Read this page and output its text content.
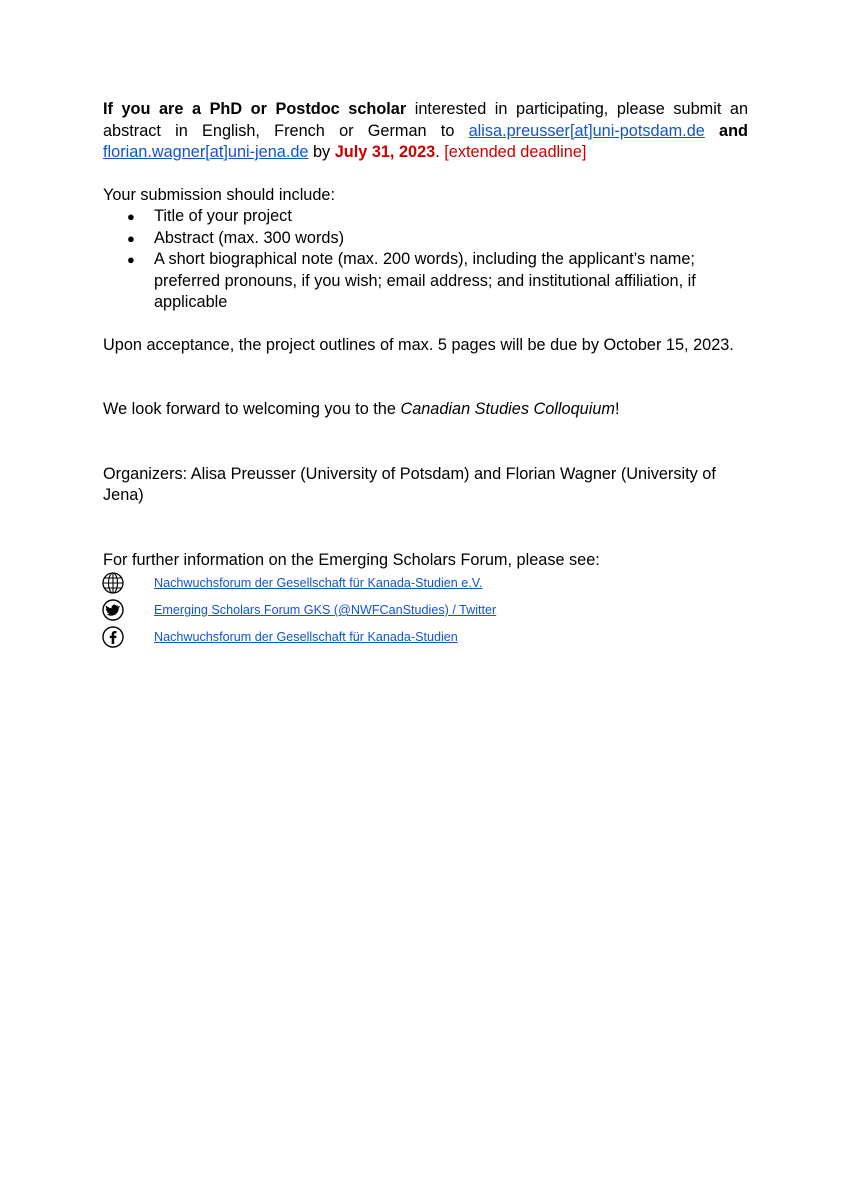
If you are a PhD or Postdoc scholar interested in participating, please submit an abstract in English, French or German to alisa.preusser[at]uni-potsdam.de and florian.wagner[at]uni-jena.de by July 31, 2023. [extended deadline]

Your submission should include:
● Title of your project
● Abstract (max. 300 words)
● A short biographical note (max. 200 words), including the applicant’s name; preferred pronouns, if you wish; email address; and institutional affiliation, if applicable
Upon acceptance, the project outlines of max. 5 pages will be due by October 15, 2023.
We look forward to welcoming you to the Canadian Studies Colloquium!
Organizers: Alisa Preusser (University of Potsdam) and Florian Wagner (University of Jena)
For further information on the Emerging Scholars Forum, please see:
Nachwuchsforum der Gesellschaft für Kanada-Studien e.V.
Emerging Scholars Forum GKS (@NWFCanStudies) / Twitter
Nachwuchsforum der Gesellschaft für Kanada-Studien
